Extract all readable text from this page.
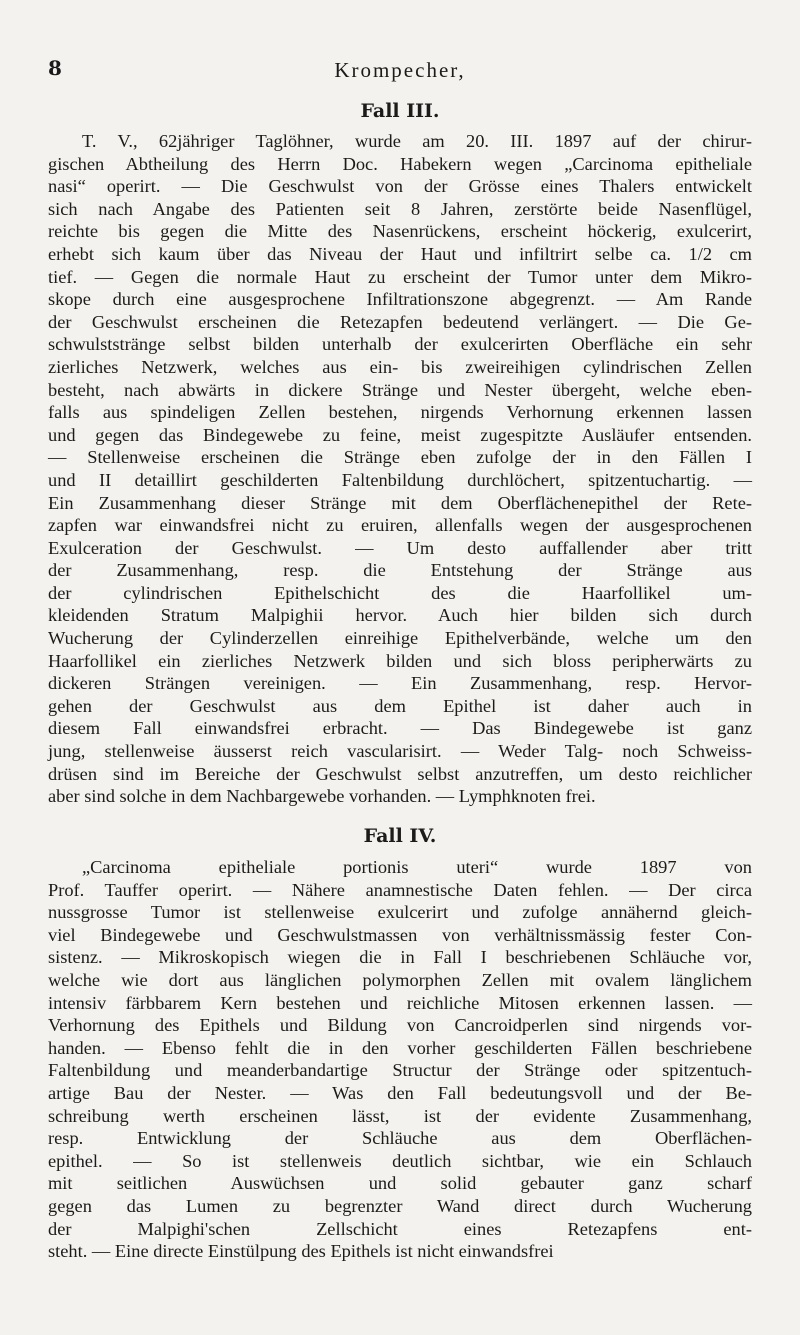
8	Krompecher,
Fall III.
T. V., 62jähriger Taglöhner, wurde am 20. III. 1897 auf der chirur-
gischen Abtheilung des Herrn Doc. Habekern wegen „Carcinoma epitheliale
nasi“ operirt. — Die Geschwulst von der Grösse eines Thalers entwickelt
sich nach Angabe des Patienten seit 8 Jahren, zerstörte beide Nasenflügel,
reichte bis gegen die Mitte des Nasenrückens, erscheint höckerig, exulcerirt,
erhebt sich kaum über das Niveau der Haut und infiltrirt selbe ca. 1/2 cm
tief. — Gegen die normale Haut zu erscheint der Tumor unter dem Mikro-
skope durch eine ausgesprochene Infiltrationszone abgegrenzt. — Am Rande
der Geschwulst erscheinen die Retezapfen bedeutend verlängert. — Die Ge-
schwulststränge selbst bilden unterhalb der exulcerirten Oberfläche ein sehr
zierliches Netzwerk, welches aus ein- bis zweireihigen cylindrischen Zellen
besteht, nach abwärts in dickere Stränge und Nester übergeht, welche eben-
falls aus spindeligen Zellen bestehen, nirgends Verhornung erkennen lassen
und gegen das Bindegewebe zu feine, meist zugespitzte Ausläufer entsenden.
— Stellenweise erscheinen die Stränge eben zufolge der in den Fällen I
und II detaillirt geschilderten Faltenbildung durchlöchert, spitzentuchartig. —
Ein Zusammenhang dieser Stränge mit dem Oberflächenepithel der Rete-
zapfen war einwandsfrei nicht zu eruiren, allenfalls wegen der ausgesprochenen
Exulceration der Geschwulst. — Um desto auffallender aber tritt
der Zusammenhang, resp. die Entstehung der Stränge aus
der cylindrischen Epithelschicht des die Haarfollikel um-
kleidenden Stratum Malpighii hervor. Auch hier bilden sich durch
Wucherung der Cylinderzellen einreihige Epithelverbände, welche um den
Haarfollikel ein zierliches Netzwerk bilden und sich bloss peripherwärts zu
dickeren Strängen vereinigen. — Ein Zusammenhang, resp. Hervor-
gehen der Geschwulst aus dem Epithel ist daher auch in
diesem Fall einwandsfrei erbracht. — Das Bindegewebe ist ganz
jung, stellenweise äusserst reich vascularisirt. — Weder Talg- noch Schweiss-
drüsen sind im Bereiche der Geschwulst selbst anzutreffen, um desto reichlicher
aber sind solche in dem Nachbargewebe vorhanden. — Lymphknoten frei.
Fall IV.
„Carcinoma epitheliale portionis uteri“ wurde 1897 von
Prof. Tauffer operirt. — Nähere anamnestische Daten fehlen. — Der circa
nussgrosse Tumor ist stellenweise exulcerirt und zufolge annähernd gleich-
viel Bindegewebe und Geschwulstmassen von verhältnissmässig fester Con-
sistenz. — Mikroskopisch wiegen die in Fall I beschriebenen Schläuche vor,
welche wie dort aus länglichen polymorphen Zellen mit ovalem länglichem
intensiv färbbarem Kern bestehen und reichliche Mitosen erkennen lassen. —
Verhornung des Epithels und Bildung von Cancroidperlen sind nirgends vor-
handen. — Ebenso fehlt die in den vorher geschilderten Fällen beschriebene
Faltenbildung und meanderbandartige Structur der Stränge oder spitzentuch-
artige Bau der Nester. — Was den Fall bedeutungsvoll und der Be-
schreibung werth erscheinen lässt, ist der evidente Zusammenhang,
resp. Entwicklung der Schläuche aus dem Oberflächen-
epithel. — So ist stellenweis deutlich sichtbar, wie ein Schlauch
mit seitlichen Auswüchsen und solid gebauter ganz scharf
gegen das Lumen zu begrenzter Wand direct durch Wucherung
der Malpighi'schen Zellschicht eines Retezapfens ent-
steht. — Eine directe Einstülpung des Epithels ist nicht einwandsfrei
